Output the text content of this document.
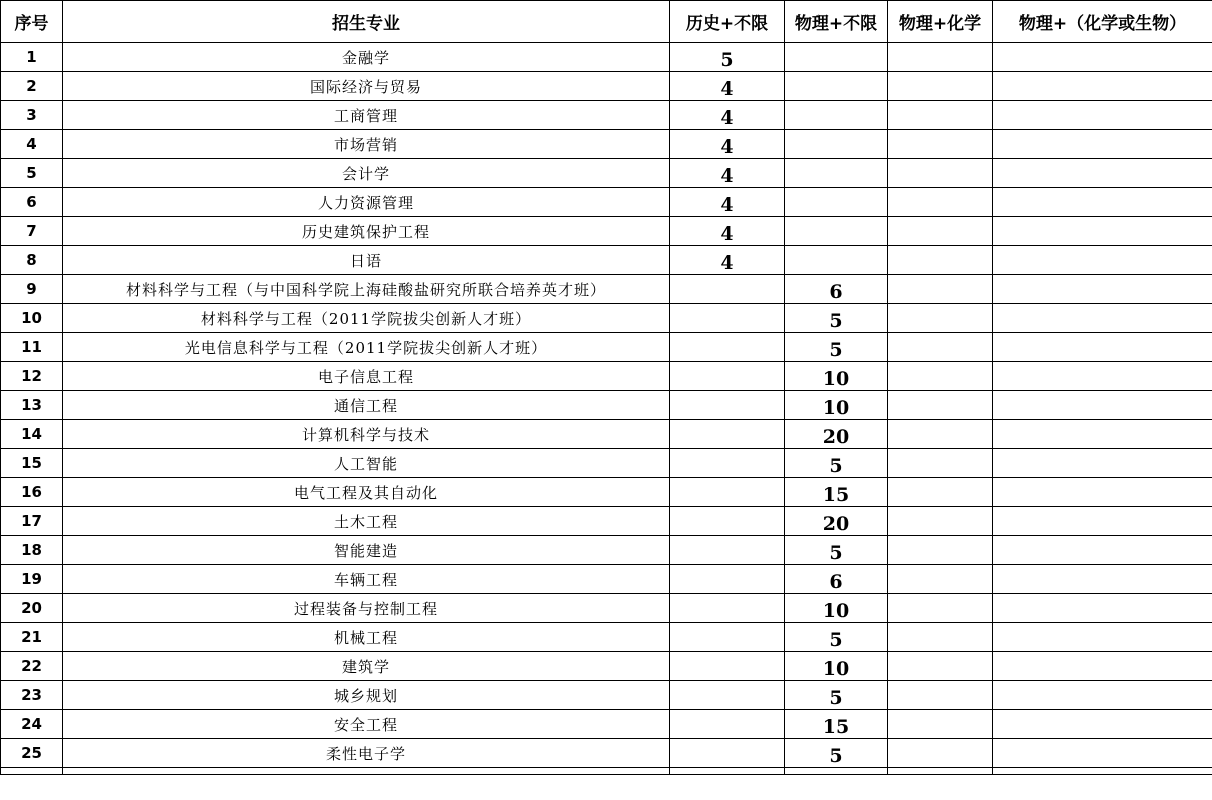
序号	招生专业	历史+不限	物理+不限	物理+化学	物理+（化学或生物）
1	金融学	5			
2	国际经济与贸易	4			
3	工商管理	4			
4	市场营销	4			
5	会计学	4			
6	人力资源管理	4			
7	历史建筑保护工程	4			
8	日语	4			
9	材料科学与工程（与中国科学院上海硅酸盐研究所联合培养英才班）		6		
10	材料科学与工程（2011学院拔尖创新人才班）		5		
11	光电信息科学与工程（2011学院拔尖创新人才班）		5		
12	电子信息工程		10		
13	通信工程		10		
14	计算机科学与技术		20		
15	人工智能		5		
16	电气工程及其自动化		15		
17	土木工程		20		
18	智能建造		5		
19	车辆工程		6		
20	过程装备与控制工程		10		
21	机械工程		5		
22	建筑学		10		
23	城乡规划		5		
24	安全工程		15		
25	柔性电子学		5		
